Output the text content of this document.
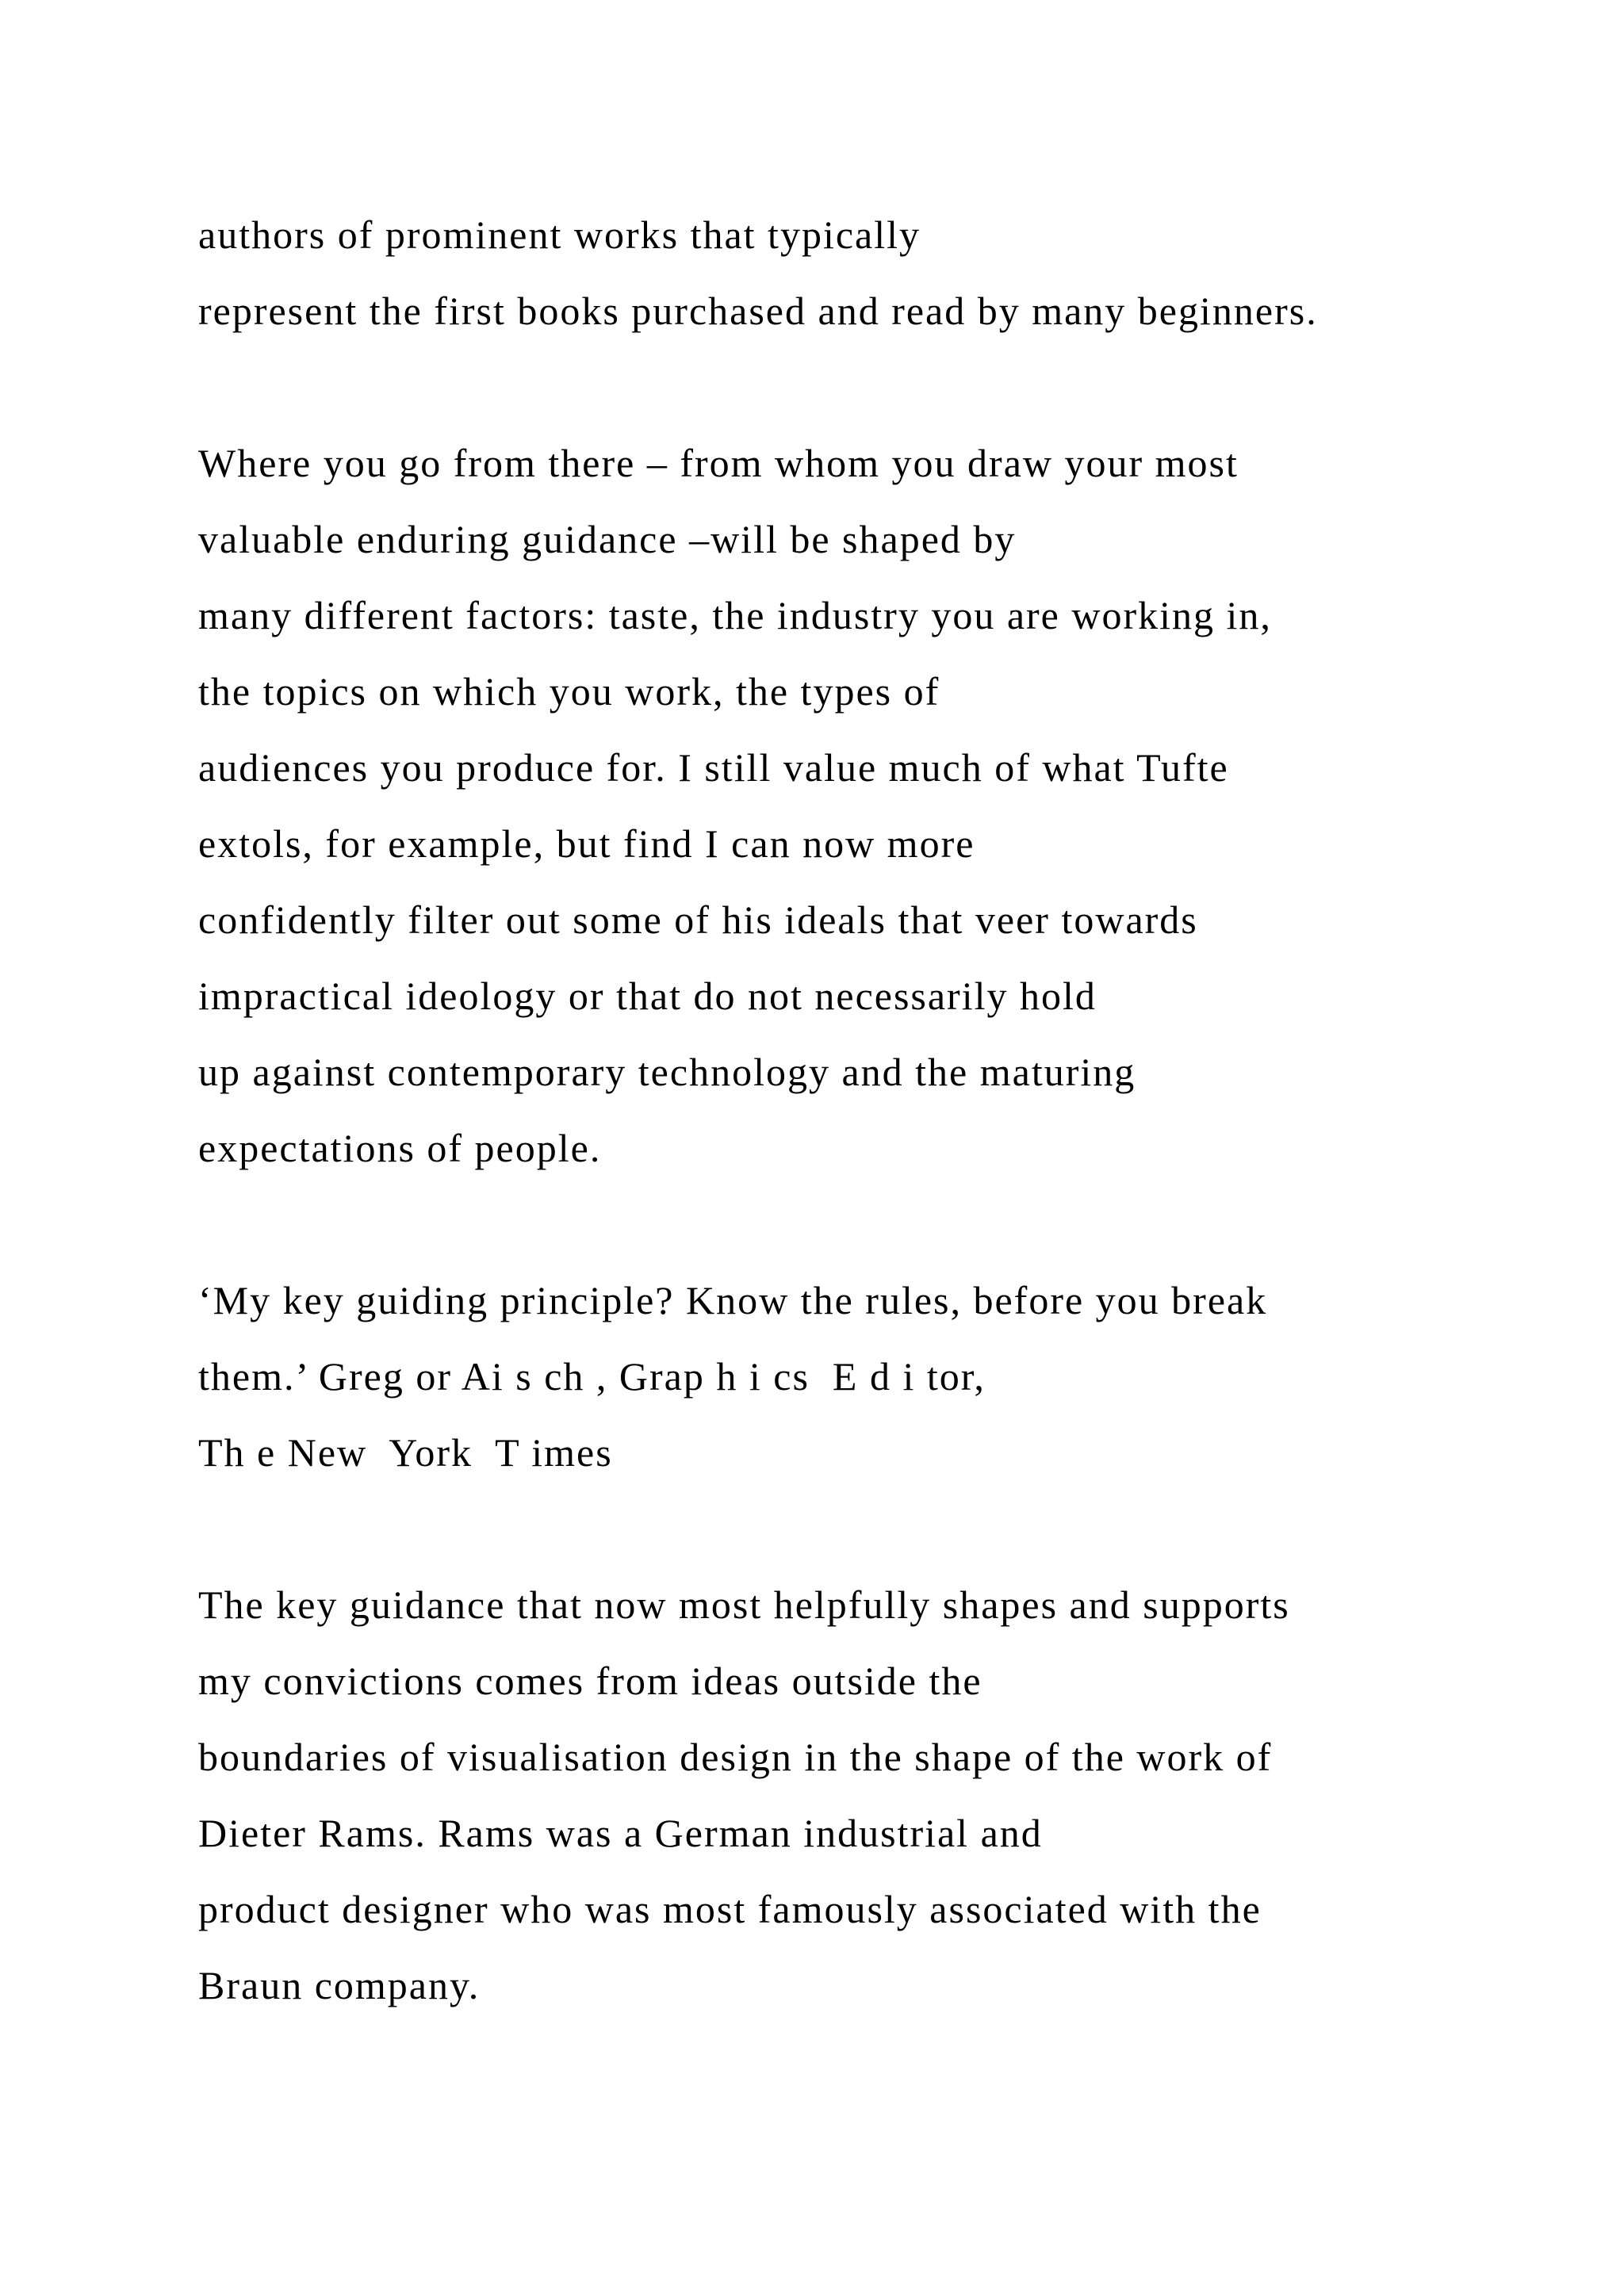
authors of prominent works that typically
represent the first books purchased and read by many beginners.
Where you go from there – from whom you draw your most
valuable enduring guidance –will be shaped by
many different factors: taste, the industry you are working in,
the topics on which you work, the types of
audiences you produce for. I still value much of what Tufte
extols, for example, but find I can now more
confidently filter out some of his ideals that veer towards
impractical ideology or that do not necessarily hold
up against contemporary technology and the maturing
expectations of people.
‘My key guiding principle? Know the rules, before you break
them.’ Greg or Ai s ch , Grap h i cs  E d i tor,
Th e New  York  T imes
The key guidance that now most helpfully shapes and supports
my convictions comes from ideas outside the
boundaries of visualisation design in the shape of the work of
Dieter Rams. Rams was a German industrial and
product designer who was most famously associated with the
Braun company.
